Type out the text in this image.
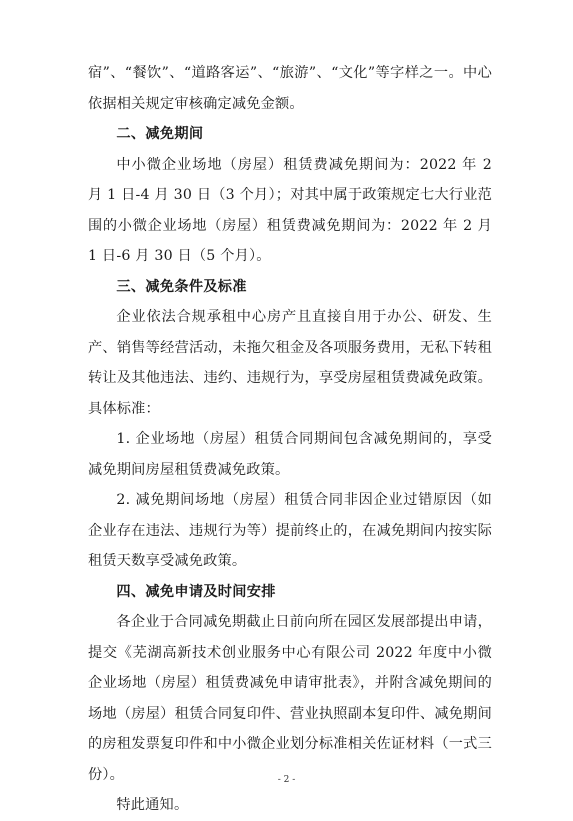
宿”、“餐饮”、“道路客运”、“旅游”、“文化”等字样之一。中心依据相关规定审核确定减免金额。

二、减免期间

中小微企业场地（房屋）租赁费减免期间为：2022 年 2 月 1 日-4 月 30 日（3 个月）；对其中属于政策规定七大行业范围的小微企业场地（房屋）租赁费减免期间为：2022 年 2 月 1 日-6 月 30 日（5 个月）。

三、减免条件及标准

企业依法合规承租中心房产且直接自用于办公、研发、生产、销售等经营活动，未拖欠租金及各项服务费用，无私下转租转让及其他违法、违约、违规行为，享受房屋租赁费减免政策。具体标准：

1. 企业场地（房屋）租赁合同期间包含减免期间的，享受减免期间房屋租赁费减免政策。

2. 减免期间场地（房屋）租赁合同非因企业过错原因（如企业存在违法、违规行为等）提前终止的，在减免期间内按实际租赁天数享受减免政策。

四、减免申请及时间安排

各企业于合同减免期截止日前向所在园区发展部提出申请，提交《芜湖高新技术创业服务中心有限公司 2022 年度中小微企业场地（房屋）租赁费减免申请审批表》，并附含减免期间的场地（房屋）租赁合同复印件、营业执照副本复印件、减免期间的房租发票复印件和中小微企业划分标准相关佐证材料（一式三份）。

特此通知。

- 2 -
